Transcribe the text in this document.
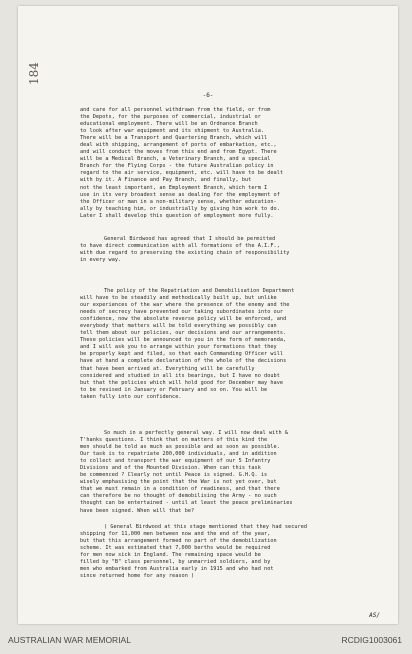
184
-6-
and care for all personnel withdrawn from the field, or from
the Depots, for the purposes of commercial, industrial or
educational employment. There will be an Ordnance Branch
to look after war equipment and its shipment to Australia.
There will be a Transport and Quartering Branch, which will
deal with shipping, arrangement of ports of embarkation, etc.,
and will conduct the moves from this end and from Egypt. There
will be a Medical Branch, a Veterinary Branch, and a special
Branch for the Flying Corps - the future Australian policy in
regard to the air service, equipment, etc. will have to be dealt
with by it. A Finance and Pay Branch, and finally, but
not the least important, an Employment Branch, which term I
use in its very broadest sense as dealing for the employment of
the Officer or man in a non-military sense, whether education-
ally by teaching him, or industrially by giving him work to do.
Later I shall develop this question of employment more fully.
General Birdwood has agreed that I should be permitted
to have direct communication with all formations of the A.I.F.,
with due regard to preserving the existing chain of responsibility
in every way.
The policy of the Repatriation and Demobilisation Department
will have to be steadily and methodically built up, but unlike
our experiences of the war where the presence of the enemy and the
needs of secrecy have prevented our taking subordinates into our
confidence, now the absolute reverse policy will be enforced, and
everybody that matters will be told everything we possibly can
tell them about our policies, our decisions and our arrangements.
These policies will be announced to you in the form of memoranda,
and I will ask you to arrange within your formations that they
be properly kept and filed, so that each Commanding Officer will
have at hand a complete declaration of the whole of the decisions
that have been arrived at. Everything will be carefully
considered and studied in all its bearings, but I have no doubt
but that the policies which will hold good for December may have
to be revised in January or February and so on. You will be
taken fully into our confidence.
So much in a perfectly general way. I will now deal with &
T'hanks questions. I think that on matters of this kind the
men should be told as much as possible and as soon as possible.
Our task is to repatriate 200,000 individuals, and in addition
to collect and transport the war equipment of our 5 Infantry
Divisions and of the Mounted Division. When can this task
be commenced ? Clearly not until Peace is signed. G.H.Q. is
wisely emphasising the point that the War is not yet over, but
that we must remain in a condition of readiness, and that there
can therefore be no thought of demobilising the Army - no such
thought can be entertained - until at least the peace preliminaries
have been signed. When will that be?
( General Birdwood at this stage mentioned that they had secured
shipping for 11,000 men between now and the end of the year,
but that this arrangement formed no part of the demobilization
scheme. It was estimated that 7,000 berths would be required
for men now sick in England. The remaining space would be
filled by "B" class personnel, by unmarried soldiers, and by
men who embarked from Australia early in 1915 and who had not
since returned home for any reason )
AS/
AUSTRALIAN WAR MEMORIAL	RCDIG1003061
